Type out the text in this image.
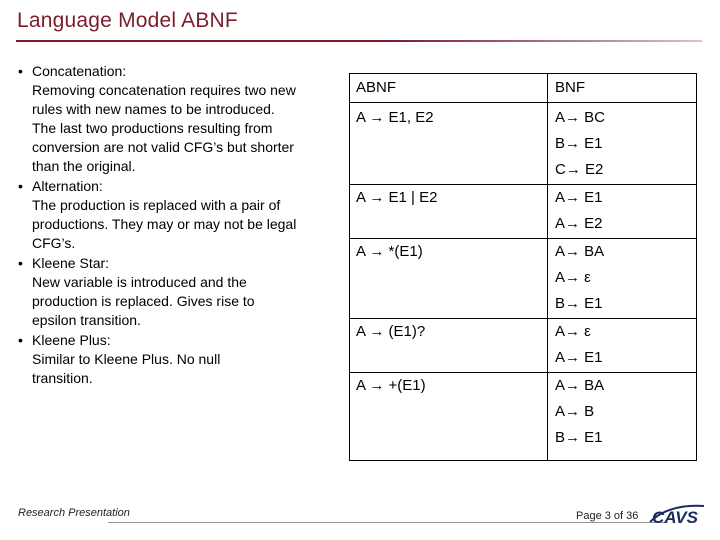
Language Model ABNF
• Concatenation:
Removing concatenation requires two new rules with new names to be introduced. The last two productions resulting from conversion are not valid CFG’s but shorter than the original.
• Alternation:
The production is replaced with a pair of productions. They may or may not be legal CFG’s.
• Kleene Star:
New variable is introduced and the production is replaced. Gives rise to epsilon transition.
• Kleene Plus:
Similar to Kleene Plus. No null transition.
ABNF	BNF
A → E1, E2	A→ BC
B→ E1
C→ E2
A → E1 | E2	A→ E1
A→ E2
A → *(E1)	A→ BA
A→ ε
B→ E1
A → (E1)?	A→ ε
A→ E1
A → +(E1)	A→ BA
A→ B
B→ E1
Research Presentation	Page 3 of 36 CAVS
